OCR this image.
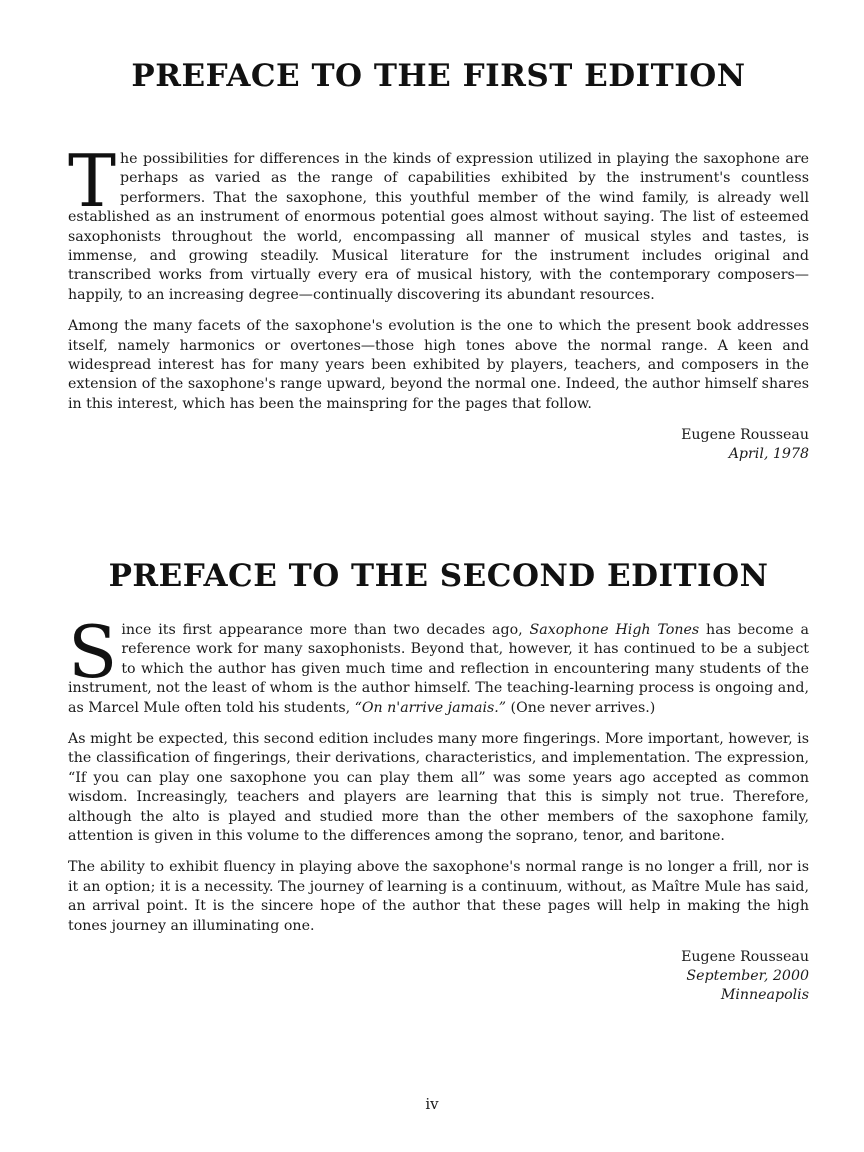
PREFACE TO THE FIRST EDITION

The possibilities for differences in the kinds of expression utilized in playing the saxophone are perhaps as varied as the range of capabilities exhibited by the instrument's countless performers. That the saxophone, this youthful member of the wind family, is already well established as an instrument of enormous potential goes almost without saying. The list of esteemed saxophonists throughout the world, encompassing all manner of musical styles and tastes, is immense, and growing steadily. Musical literature for the instrument includes original and transcribed works from virtually every era of musical history, with the contemporary composers—happily, to an increasing degree—continually discovering its abundant resources.

Among the many facets of the saxophone's evolution is the one to which the present book addresses itself, namely harmonics or overtones—those high tones above the normal range. A keen and widespread interest has for many years been exhibited by players, teachers, and composers in the extension of the saxophone's range upward, beyond the normal one. Indeed, the author himself shares in this interest, which has been the mainspring for the pages that follow.

Eugene Rousseau
April, 1978
PREFACE TO THE SECOND EDITION

Since its first appearance more than two decades ago, Saxophone High Tones has become a reference work for many saxophonists. Beyond that, however, it has continued to be a subject to which the author has given much time and reflection in encountering many students of the instrument, not the least of whom is the author himself. The teaching-learning process is ongoing and, as Marcel Mule often told his students, “On n'arrive jamais.” (One never arrives.)

As might be expected, this second edition includes many more fingerings. More important, however, is the classification of fingerings, their derivations, characteristics, and implementation. The expression, “If you can play one saxophone you can play them all” was some years ago accepted as common wisdom. Increasingly, teachers and players are learning that this is simply not true. Therefore, although the alto is played and studied more than the other members of the saxophone family, attention is given in this volume to the differences among the soprano, tenor, and baritone.

The ability to exhibit fluency in playing above the saxophone's normal range is no longer a frill, nor is it an option; it is a necessity. The journey of learning is a continuum, without, as Maître Mule has said, an arrival point. It is the sincere hope of the author that these pages will help in making the high tones journey an illuminating one.

Eugene Rousseau
September, 2000
Minneapolis
iv
